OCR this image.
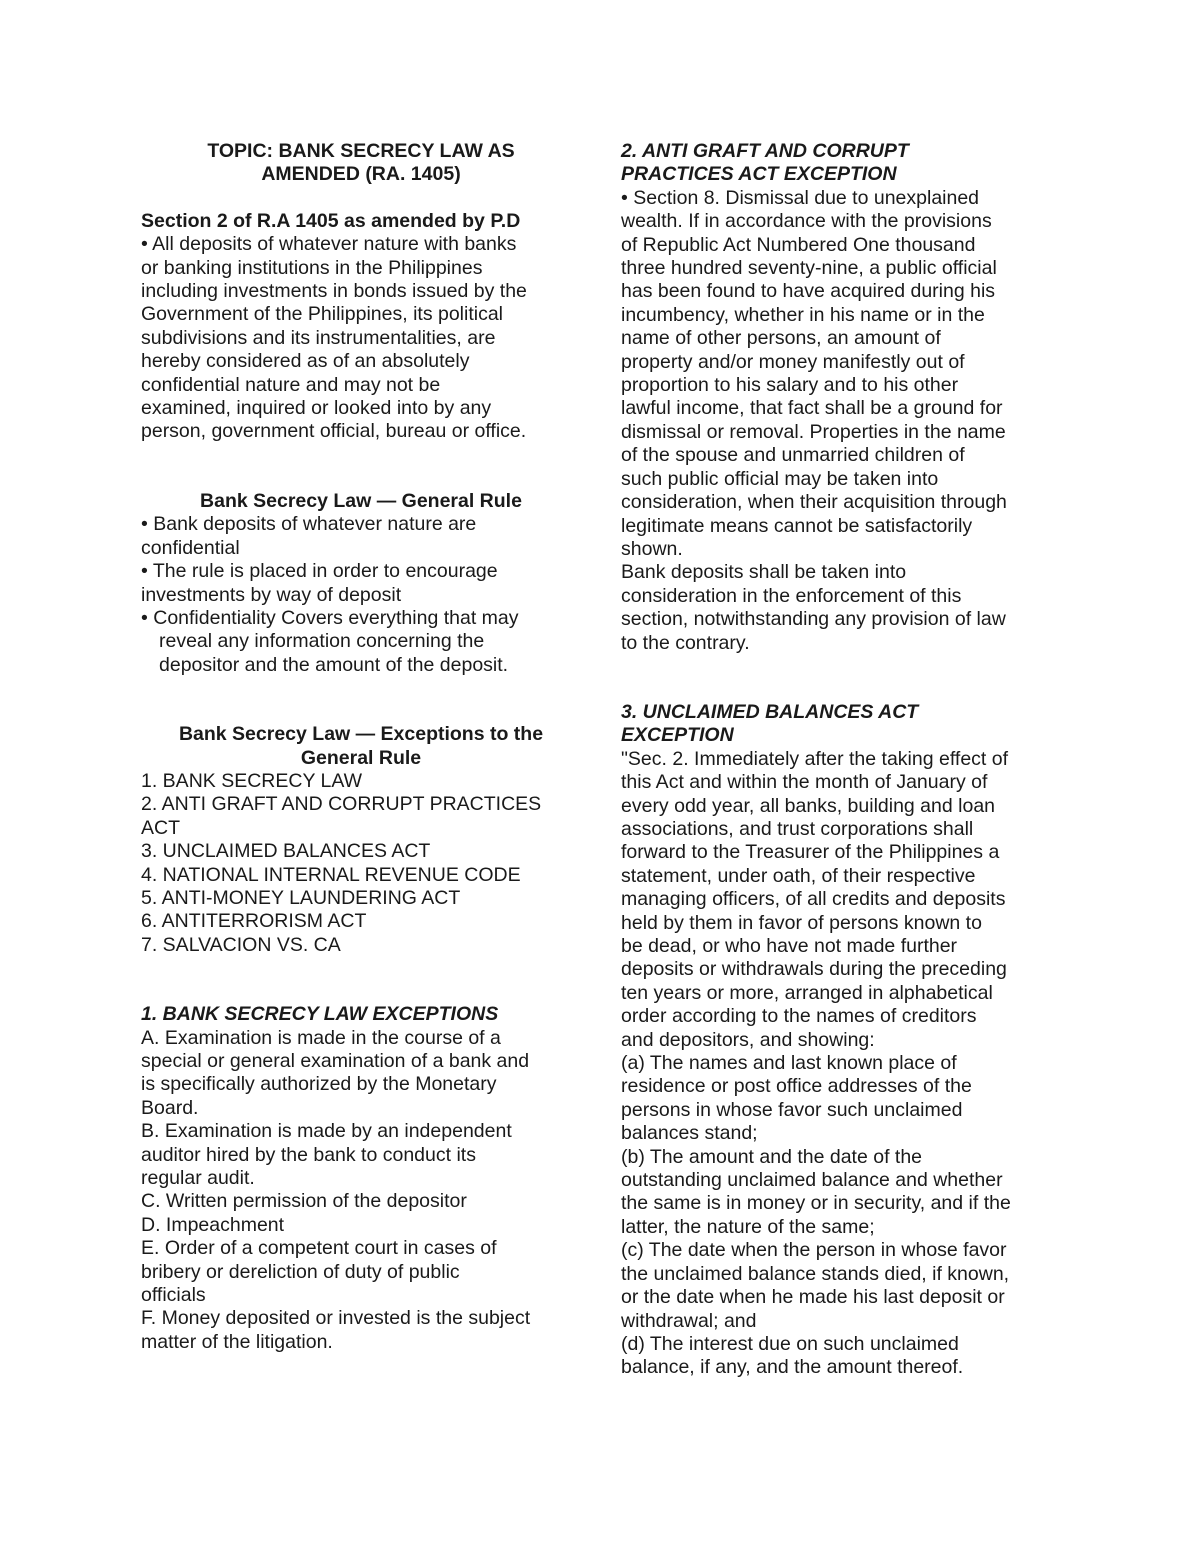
TOPIC: BANK SECRECY LAW AS
AMENDED (RA. 1405)
Section 2 of R.A 1405 as amended by P.D
• All deposits of whatever nature with banks
or banking institutions in the Philippines
including investments in bonds issued by the
Government of the Philippines, its political
subdivisions and its instrumentalities, are
hereby considered as of an absolutely
confidential nature and may not be
examined, inquired or looked into by any
person, government official, bureau or office.
Bank Secrecy Law — General Rule
• Bank deposits of whatever nature are
confidential
• The rule is placed in order to encourage
investments by way of deposit
• Confidentiality Covers everything that may
reveal any information concerning the
depositor and the amount of the deposit.
Bank Secrecy Law — Exceptions to the
General Rule
1. BANK SECRECY LAW
2. ANTI GRAFT AND CORRUPT PRACTICES
ACT
3. UNCLAIMED BALANCES ACT
4. NATIONAL INTERNAL REVENUE CODE
5. ANTI-MONEY LAUNDERING ACT
6. ANTITERRORISM ACT
7. SALVACION VS. CA
1. BANK SECRECY LAW EXCEPTIONS
A. Examination is made in the course of a
special or general examination of a bank and
is specifically authorized by the Monetary
Board.
B. Examination is made by an independent
auditor hired by the bank to conduct its
regular audit.
C. Written permission of the depositor
D. Impeachment
E. Order of a competent court in cases of
bribery or dereliction of duty of public
officials
F. Money deposited or invested is the subject
matter of the litigation.
2. ANTI GRAFT AND CORRUPT
PRACTICES ACT EXCEPTION
• Section 8. Dismissal due to unexplained
wealth. If in accordance with the provisions
of Republic Act Numbered One thousand
three hundred seventy-nine, a public official
has been found to have acquired during his
incumbency, whether in his name or in the
name of other persons, an amount of
property and/or money manifestly out of
proportion to his salary and to his other
lawful income, that fact shall be a ground for
dismissal or removal. Properties in the name
of the spouse and unmarried children of
such public official may be taken into
consideration, when their acquisition through
legitimate means cannot be satisfactorily
shown.
Bank deposits shall be taken into
consideration in the enforcement of this
section, notwithstanding any provision of law
to the contrary.
3. UNCLAIMED BALANCES ACT
EXCEPTION
"Sec. 2. Immediately after the taking effect of
this Act and within the month of January of
every odd year, all banks, building and loan
associations, and trust corporations shall
forward to the Treasurer of the Philippines a
statement, under oath, of their respective
managing officers, of all credits and deposits
held by them in favor of persons known to
be dead, or who have not made further
deposits or withdrawals during the preceding
ten years or more, arranged in alphabetical
order according to the names of creditors
and depositors, and showing:
(a) The names and last known place of
residence or post office addresses of the
persons in whose favor such unclaimed
balances stand;
(b) The amount and the date of the
outstanding unclaimed balance and whether
the same is in money or in security, and if the
latter, the nature of the same;
(c) The date when the person in whose favor
the unclaimed balance stands died, if known,
or the date when he made his last deposit or
withdrawal; and
(d) The interest due on such unclaimed
balance, if any, and the amount thereof.
